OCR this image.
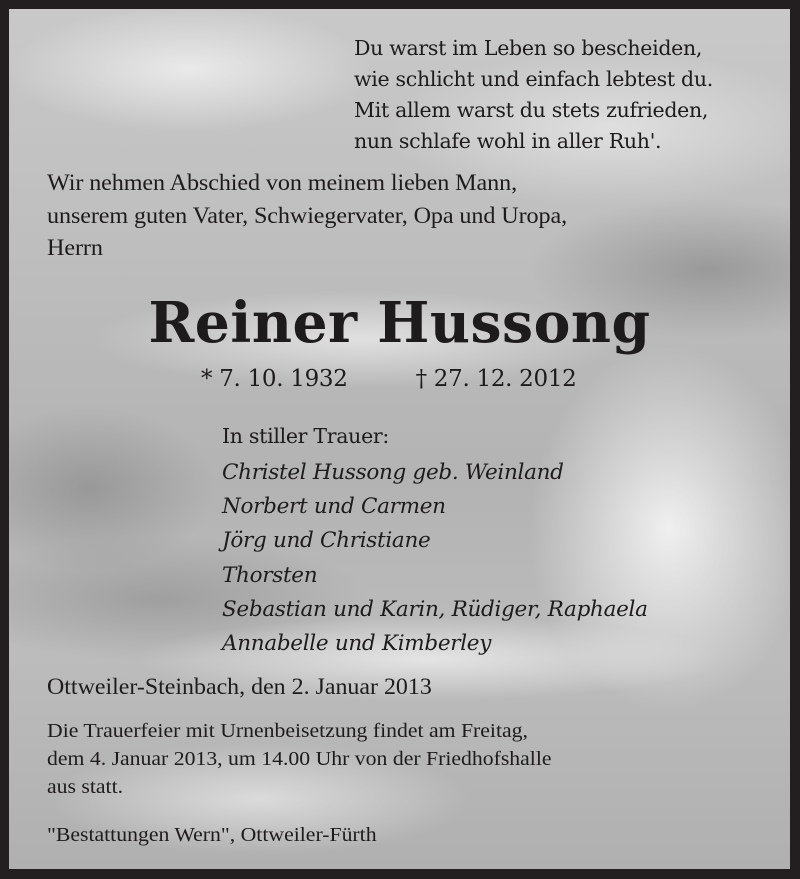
Du warst im Leben so bescheiden,
wie schlicht und einfach lebtest du.
Mit allem warst du stets zufrieden,
nun schlafe wohl in aller Ruh'.
Wir nehmen Abschied von meinem lieben Mann,
unserem guten Vater, Schwiegervater, Opa und Uropa,
Herrn
Reiner Hussong
* 7. 10. 1932	† 27. 12. 2012
In stiller Trauer:
Christel Hussong geb. Weinland
Norbert und Carmen
Jörg und Christiane
Thorsten
Sebastian und Karin, Rüdiger, Raphaela
Annabelle und Kimberley
Ottweiler-Steinbach, den 2. Januar 2013
Die Trauerfeier mit Urnenbeisetzung findet am Freitag,
dem 4. Januar 2013, um 14.00 Uhr von der Friedhofshalle
aus statt.
"Bestattungen Wern", Ottweiler-Fürth
